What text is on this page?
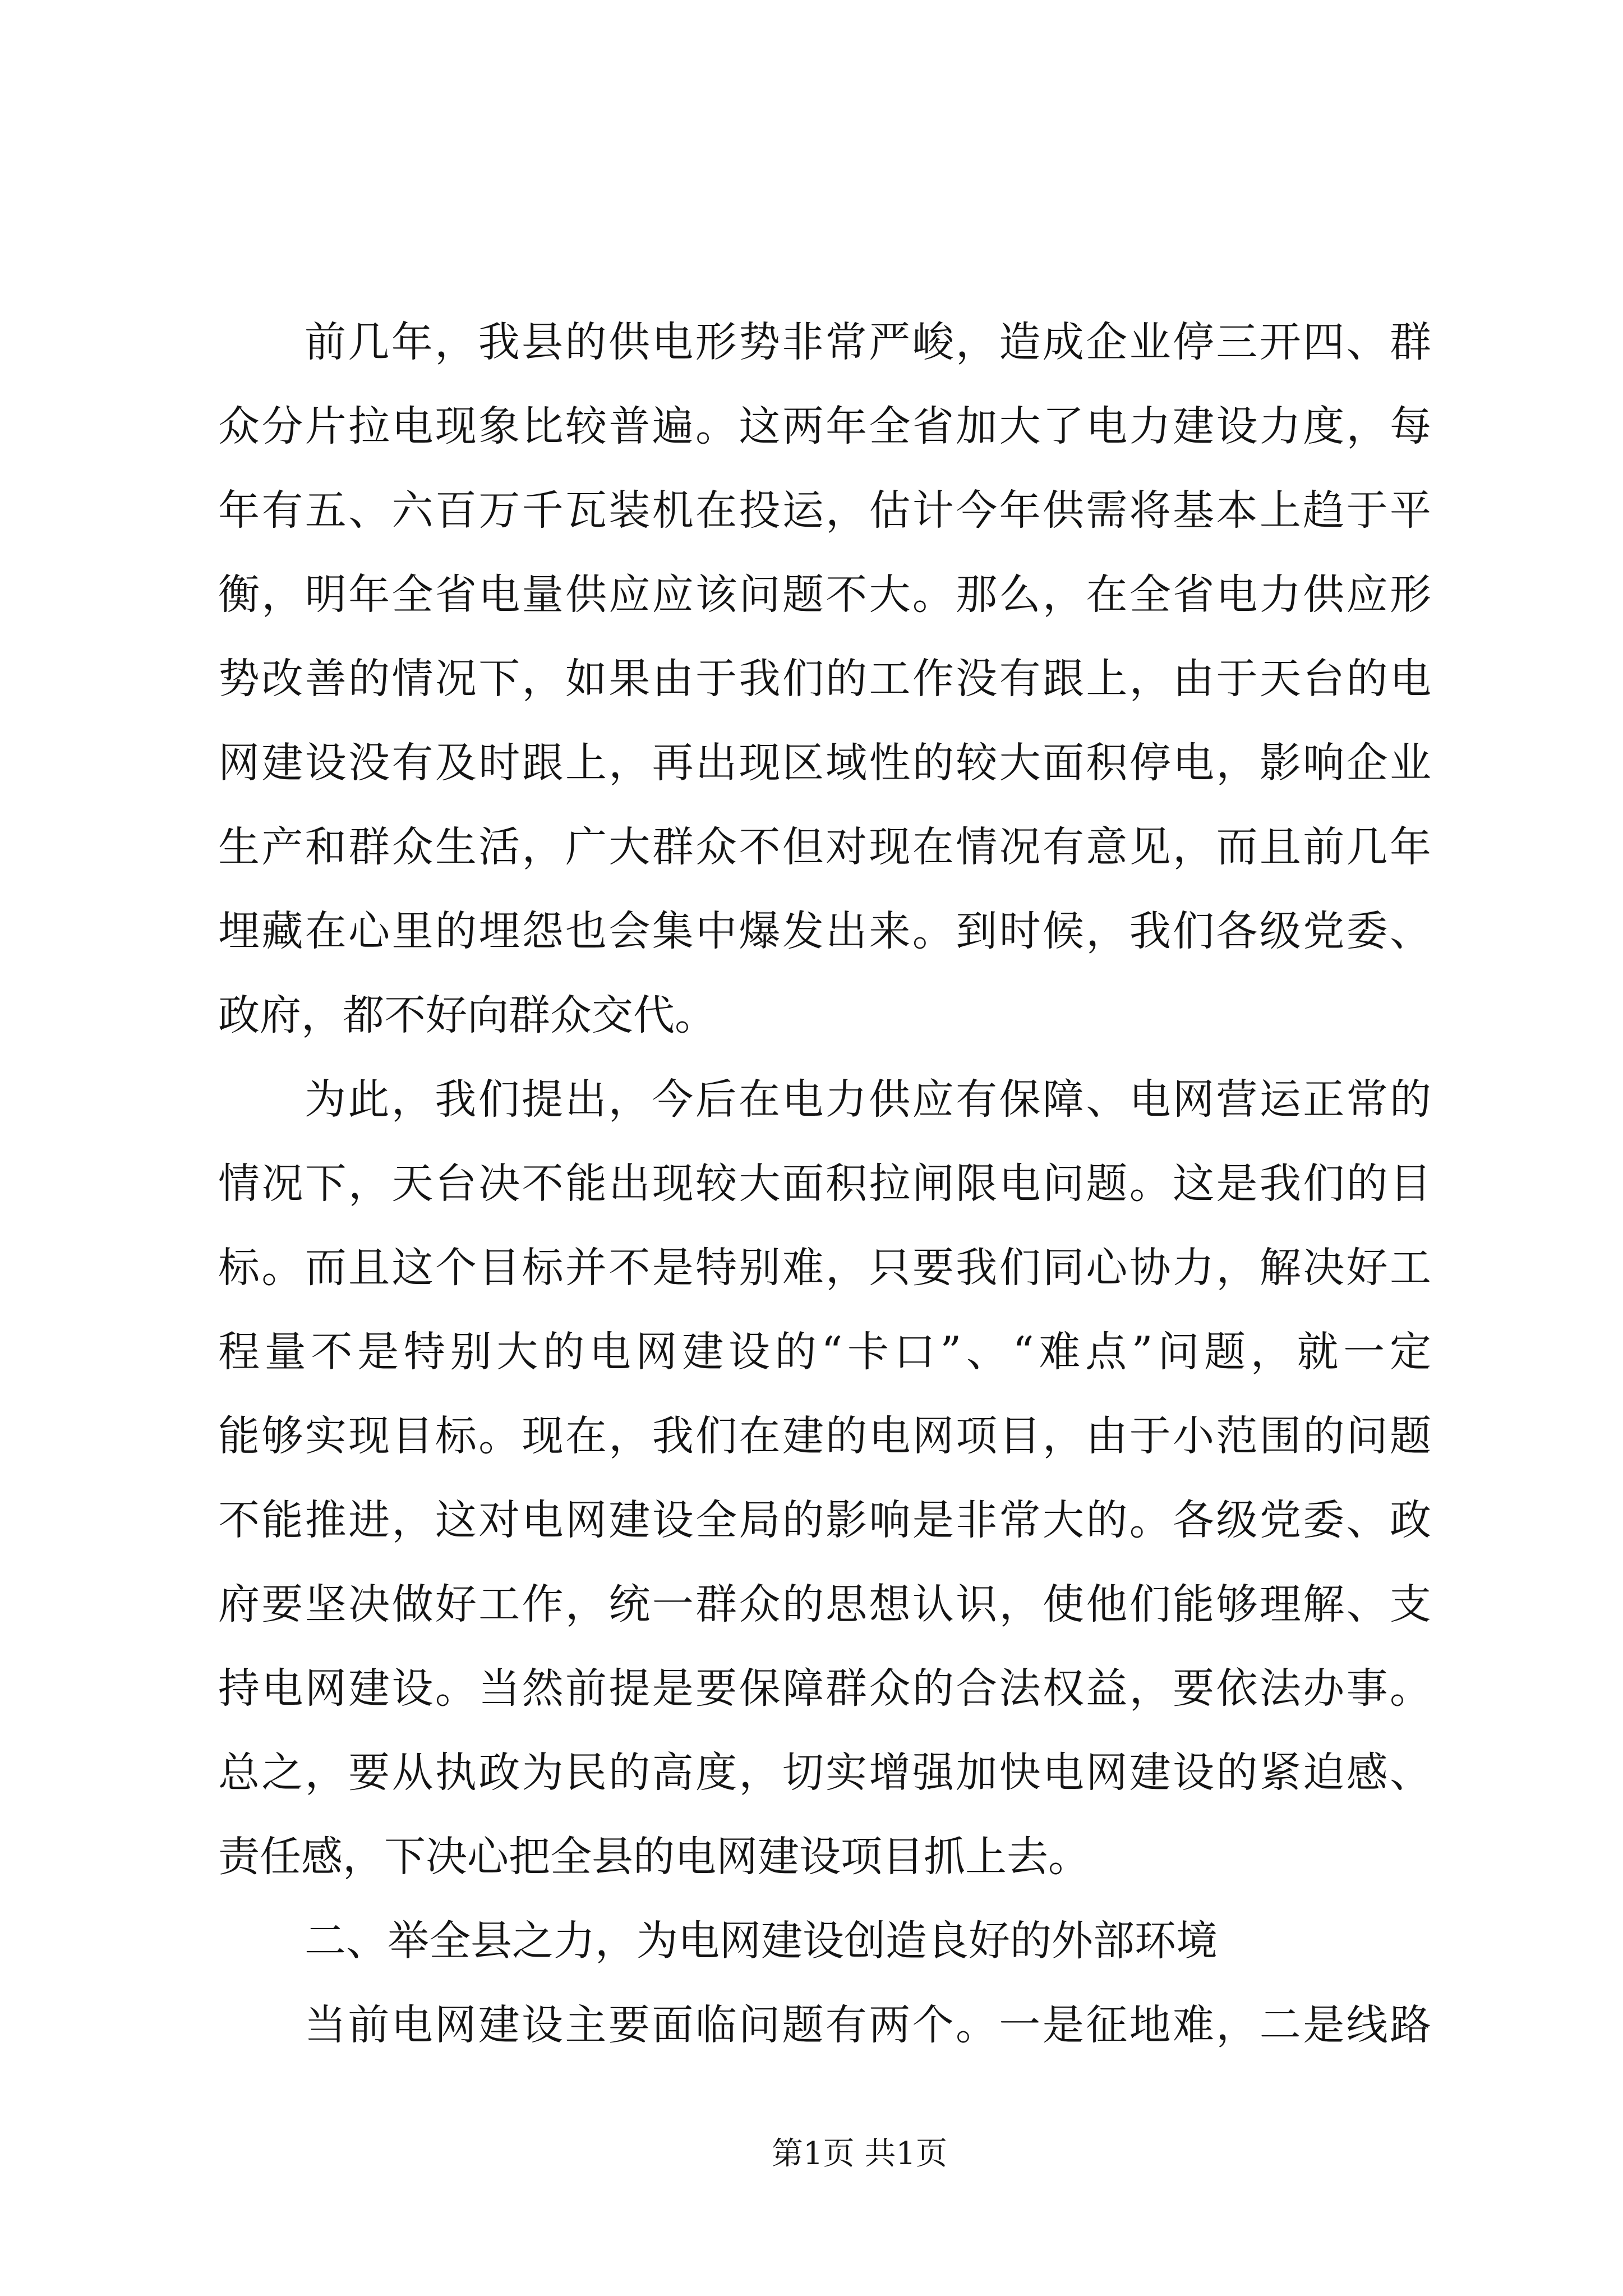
前几年，我县的供电形势非常严峻，造成企业停三开四、群
众分片拉电现象比较普遍。这两年全省加大了电力建设力度，每
年有五、六百万千瓦装机在投运，估计今年供需将基本上趋于平
衡，明年全省电量供应应该问题不大。那么，在全省电力供应形
势改善的情况下，如果由于我们的工作没有跟上，由于天台的电
网建设没有及时跟上，再出现区域性的较大面积停电，影响企业
生产和群众生活，广大群众不但对现在情况有意见，而且前几年
埋藏在心里的埋怨也会集中爆发出来。到时候，我们各级党委、
政府，都不好向群众交代。
为此，我们提出，今后在电力供应有保障、电网营运正常的
情况下，天台决不能出现较大面积拉闸限电问题。这是我们的目
标。而且这个目标并不是特别难，只要我们同心协力，解决好工
程量不是特别大的电网建设的“卡口”、“难点”问题，就一定
能够实现目标。现在，我们在建的电网项目，由于小范围的问题
不能推进，这对电网建设全局的影响是非常大的。各级党委、政
府要坚决做好工作，统一群众的思想认识，使他们能够理解、支
持电网建设。当然前提是要保障群众的合法权益，要依法办事。
总之，要从执政为民的高度，切实增强加快电网建设的紧迫感、
责任感，下决心把全县的电网建设项目抓上去。
二、举全县之力，为电网建设创造良好的外部环境
当前电网建设主要面临问题有两个。一是征地难，二是线路
第1页 共1页
